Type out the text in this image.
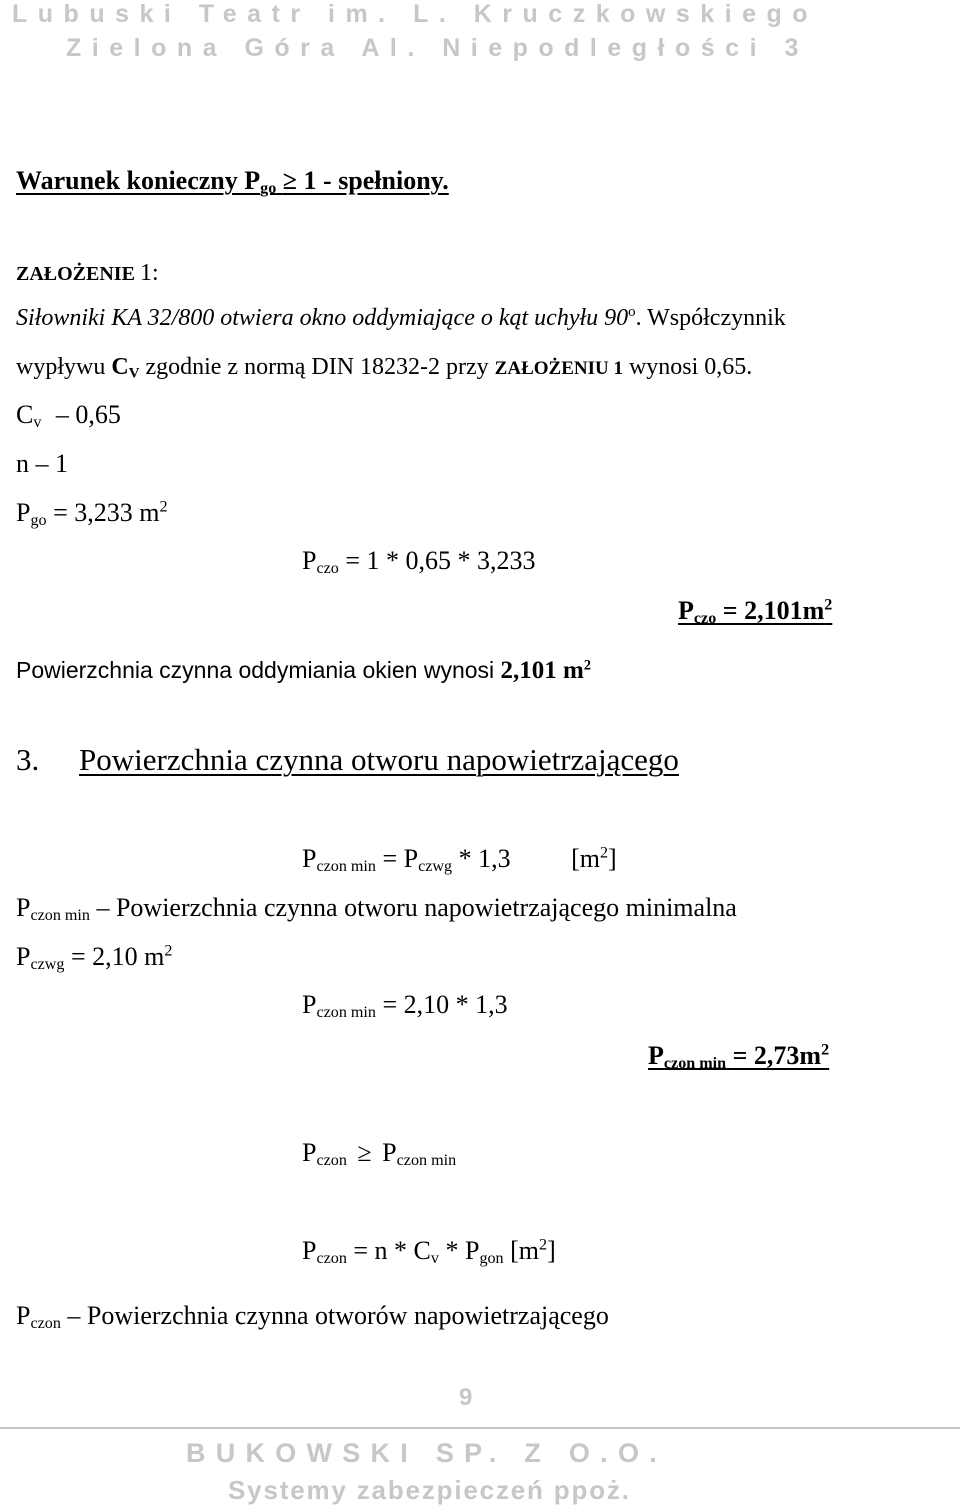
Lubuski Teatr im. L. Kruczkowskiego
Zielona Góra Al. Niepodległości 3
Warunek konieczny $P_{go} \ge 1$ - spełniony.
ZAŁOŻENIE 1:
Siłowniki KA 32/800 otwiera okno oddymiające o kąt uchyłu 90$^o$. Współczynnik
wypływu $C_V$ zgodnie z normą DIN 18232-2 przy ZAŁOŻENIU 1 wynosi 0,65.
$C_v - 0,65$
n – 1
$P_{go} = 3,233$ $m^2$
$P_{czo} = 1 * 0,65 * 3,233$
$P_{czo} = 2,101m^2$
Powierzchnia czynna oddymiania okien wynosi 2,101 $m^2$
3. Powierzchnia czynna otworu napowietrzającego
$P_{czon min} = P_{czwg} * 1,3$ $[m^2]$
$P_{czon min}$ – Powierzchnia czynna otworu napowietrzającego minimalna
$P_{czwg} = 2,10$ $m^2$
$P_{czon min} = 2,10 * 1,3$
$P_{czon min} = 2,73m^2$
$P_{czon} \ge P_{czon min}$
$P_{czon} = n * C_v * P_{gon}$ $[m^2]$
$P_{czon}$ – Powierzchnia czynna otworów napowietrzającego
9
BUKOWSKI SP. Z O.O.
Systemy zabezpieczeń ppoż.
